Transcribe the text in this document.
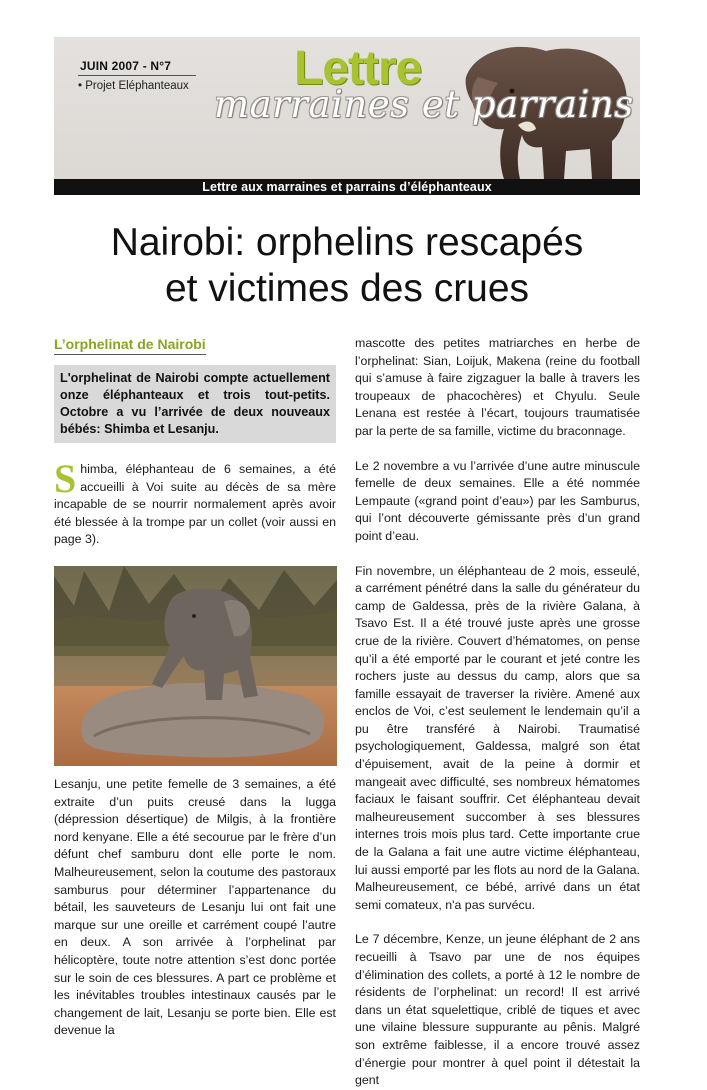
JUIN 2007 - N°7
• Projet Eléphanteaux Lettre
marraines et parrains
Lettre aux marraines et parrains d’éléphanteaux
Nairobi: orphelins rescapés
et victimes des crues
L’orphelinat de Nairobi
L'orphelinat de Nairobi compte actuellement onze éléphanteaux et trois tout-petits. Octobre a vu l’arrivée de deux nouveaux bébés: Shimba et Lesanju.

Shimba, éléphanteau de 6 semaines, a été accueilli à Voi suite au décès de sa mère incapable de se nourrir normalement après avoir été blessée à la trompe par un collet (voir aussi en page 3).

Lesanju, une petite femelle de 3 semaines, a été extraite d’un puits creusé dans la lugga (dépression désertique) de Milgis, à la frontière nord kenyane. Elle a été secourue par le frère d’un défunt chef samburu dont elle porte le nom. Malheureusement, selon la coutume des pastoraux samburus pour déterminer l’appartenance du bétail, les sauveteurs de Lesanju lui ont fait une marque sur une oreille et carrément coupé l’autre en deux. A son arrivée à l’orphelinat par hélicoptère, toute notre attention s’est donc portée sur le soin de ces blessures. A part ce problème et les inévitables troubles intestinaux causés par le changement de lait, Lesanju se porte bien. Elle est devenue la

mascotte des petites matriarches en herbe de l’orphelinat: Sian, Loijuk, Makena (reine du football qui s’amuse à faire zigzaguer la balle à travers les troupeaux de phacochères) et Chyulu. Seule Lenana est restée à l’écart, toujours traumatisée par la perte de sa famille, victime du braconnage.

Le 2 novembre a vu l’arrivée d’une autre minuscule femelle de deux semaines. Elle a été nommée Lempaute («grand point d’eau») par les Samburus, qui l’ont découverte gémissante près d’un grand point d’eau.

Fin novembre, un éléphanteau de 2 mois, esseulé, a carrément pénétré dans la salle du générateur du camp de Galdessa, près de la rivière Galana, à Tsavo Est. Il a été trouvé juste après une grosse crue de la rivière. Couvert d’hématomes, on pense qu’il a été emporté par le courant et jeté contre les rochers juste au dessus du camp, alors que sa famille essayait de traverser la rivière. Amené aux enclos de Voi, c’est seulement le lendemain qu’il a pu être transféré à Nairobi. Traumatisé psychologiquement, Galdessa, malgré son état d’épuisement, avait de la peine à dormir et mangeait avec difficulté, ses nombreux hématomes faciaux le faisant souffrir. Cet éléphanteau devait malheureusement succomber à ses blessures internes trois mois plus tard. Cette importante crue de la Galana a fait une autre victime éléphanteau, lui aussi emporté par les flots au nord de la Galana. Malheureusement, ce bébé, arrivé dans un état semi comateux, n'a pas survécu.

Le 7 décembre, Kenze, un jeune éléphant de 2 ans recueilli à Tsavo par une de nos équipes d’élimination des collets, a porté à 12 le nombre de résidents de l’orphelinat: un record! Il est arrivé dans un état squelettique, criblé de tiques et avec une vilaine blessure suppurante au pênis. Malgré son extrême faiblesse, il a encore trouvé assez d’énergie pour montrer à quel point il détestait la gent
